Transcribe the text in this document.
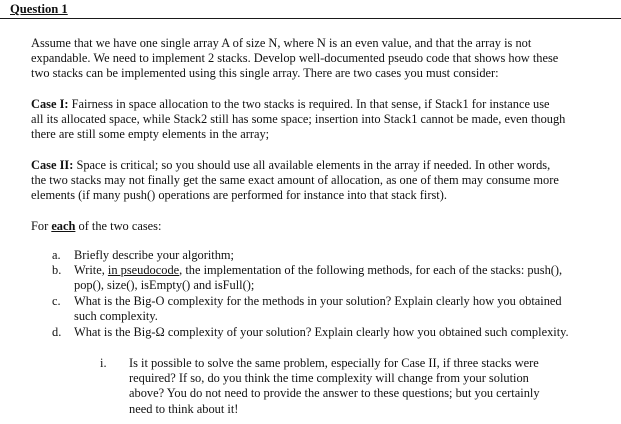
Question 1
Assume that we have one single array A of size N, where N is an even value, and that the array is not
expandable. We need to implement 2 stacks. Develop well-documented pseudo code that shows how these
two stacks can be implemented using this single array. There are two cases you must consider:
Case I: Fairness in space allocation to the two stacks is required. In that sense, if Stack1 for instance use
all its allocated space, while Stack2 still has some space; insertion into Stack1 cannot be made, even though
there are still some empty elements in the array;
Case II: Space is critical; so you should use all available elements in the array if needed. In other words,
the two stacks may not finally get the same exact amount of allocation, as one of them may consume more
elements (if many push() operations are performed for instance into that stack first).
For each of the two cases:
a.	Briefly describe your algorithm;
b.	Write, in pseudocode, the implementation of the following methods, for each of the stacks: push(),
pop(), size(), isEmpty() and isFull();
c.	What is the Big-O complexity for the methods in your solution? Explain clearly how you obtained
such complexity.
d.	What is the Big-Ω complexity of your solution? Explain clearly how you obtained such complexity.
i. Is it possible to solve the same problem, especially for Case II, if three stacks were
required? If so, do you think the time complexity will change from your solution
above? You do not need to provide the answer to these questions; but you certainly
need to think about it!
